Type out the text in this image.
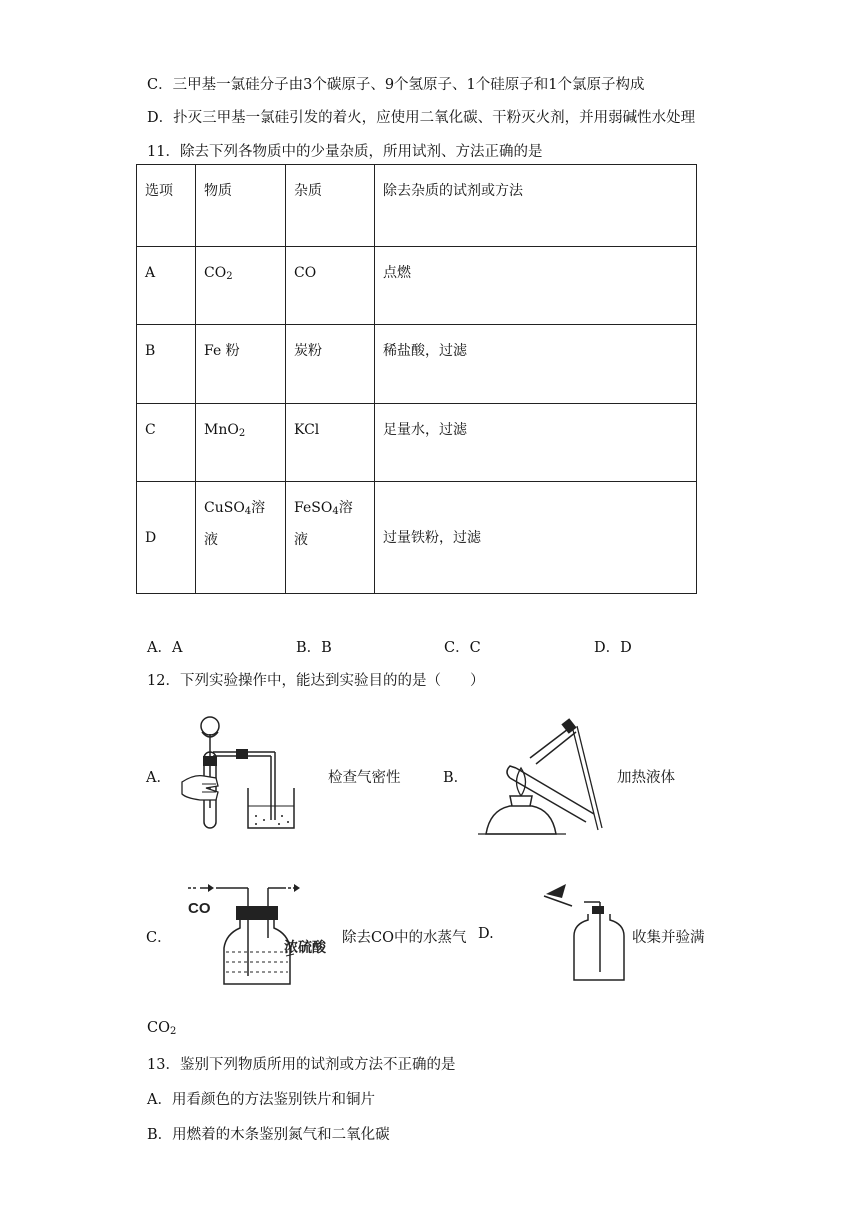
C．三甲基一氯硅分子由3个碳原子、9个氢原子、1个硅原子和1个氯原子构成
D．扑灭三甲基一氯硅引发的着火，应使用二氧化碳、干粉灭火剂，并用弱碱性水处理
11．除去下列各物质中的少量杂质，所用试剂、方法正确的是
选项	物质	杂质	除去杂质的试剂或方法
A	$CO_2$	CO	点燃
B	Fe 粉	炭粉	稀盐酸，过滤
C	MnO$_2$	KCl	足量水，过滤
D	CuSO$_4$溶液	FeSO$_4$溶液	过量铁粉，过滤
A．A	B．B	C．C	D．D
12．下列实验操作中，能达到实验目的的是（　　）
A．	检查气密性	B．	加热液体
C．
CO
浓硫酸
除去CO中的水蒸气 D.	收集并验满
$CO_2$
13．鉴别下列物质所用的试剂或方法不正确的是
A．用看颜色的方法鉴别铁片和铜片
B．用燃着的木条鉴别氮气和二氧化碳
